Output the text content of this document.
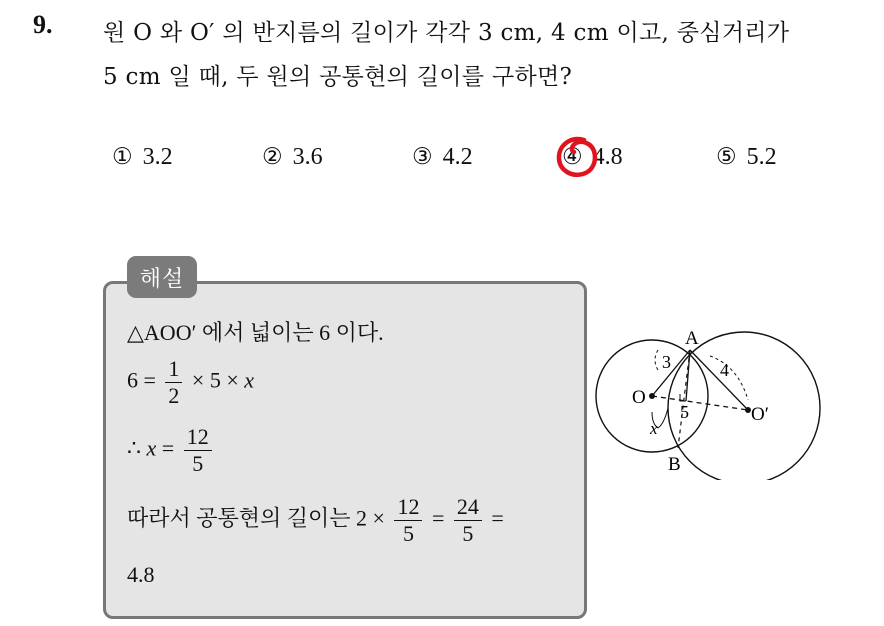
9. 원 O 와 O′ 의 반지름의 길이가 각각 3 cm, 4 cm 이고, 중심거리가
5 cm 일 때, 두 원의 공통현의 길이를 구하면?
① 3.2	② 3.6	③ 4.2	④ 4.8	⑤ 5.2
해설
△AOO′ 에서 넓이는 6 이다.
$6 = \frac{1}{2} \times 5 \times x$
∴ $x = \frac{12}{5}$
따라서 공통현의 길이는 $2 \times \frac{12}{5} = \frac{24}{5}$ =
4.8
A
B
O
O′
3	4
5
x
